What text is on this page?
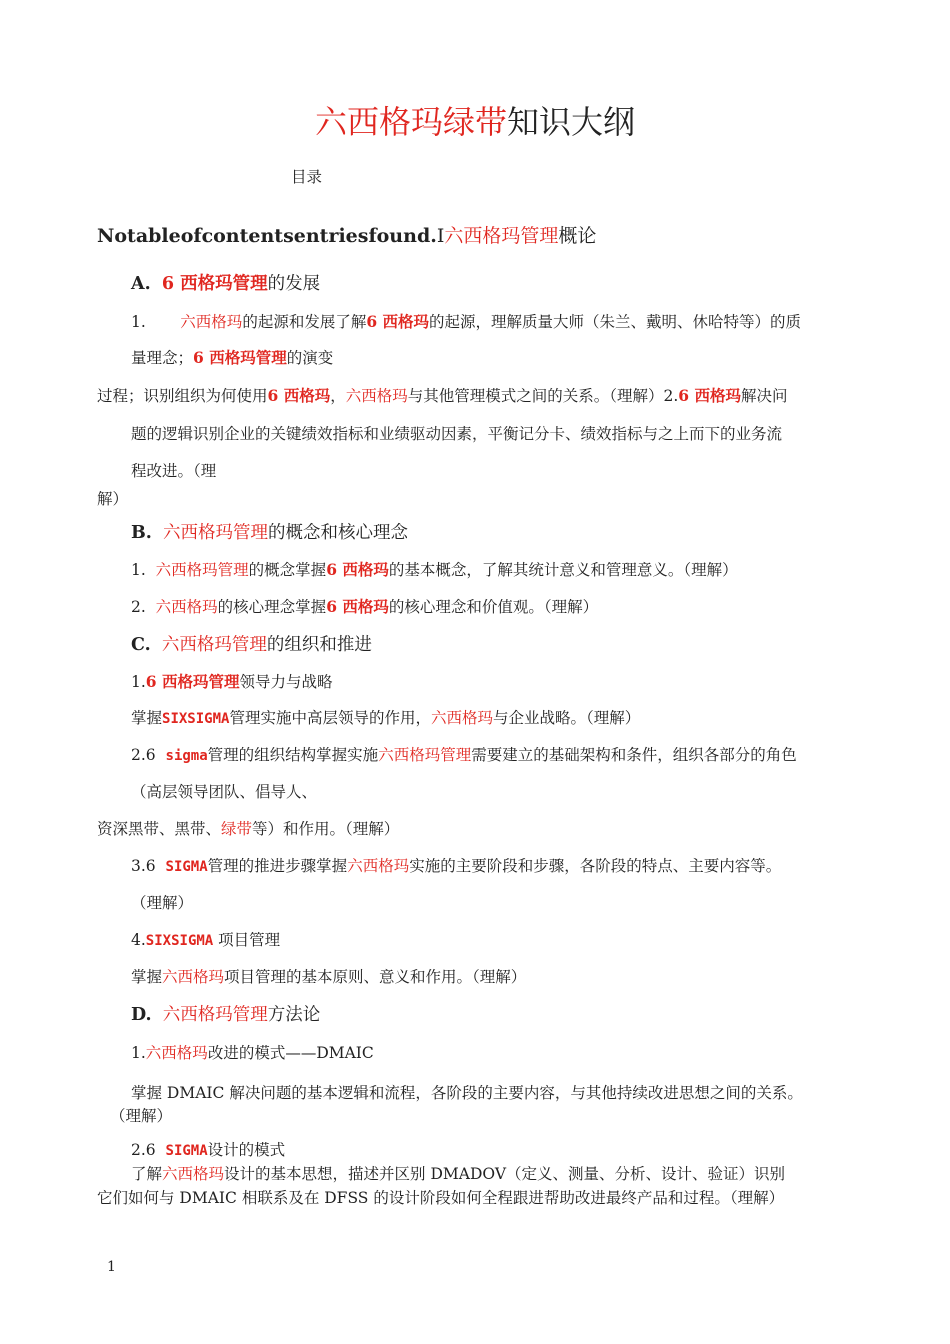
六西格玛绿带知识大纲
目录
Notableofcontentsentriesfound.Ⅰ六西格玛管理概论
A. 6 西格玛管理的发展
1. 六西格玛的起源和发展了解6 西格玛的起源，理解质量大师（朱兰、戴明、休哈特等）的质
量理念；6 西格玛管理的演变
过程；识别组织为何使用6 西格玛，六西格玛与其他管理模式之间的关系。（理解）2.6 西格玛解决问
题的逻辑识别企业的关键绩效指标和业绩驱动因素，平衡记分卡、绩效指标与之上而下的业务流
程改进。（理
解）
B. 六西格玛管理的概念和核心理念
1. 六西格玛管理的概念掌握6 西格玛的基本概念，了解其统计意义和管理意义。（理解）
2. 六西格玛的核心理念掌握6 西格玛的核心理念和价值观。（理解）
C. 六西格玛管理的组织和推进
1.6 西格玛管理领导力与战略
掌握SIXSIGMA管理实施中高层领导的作用，六西格玛与企业战略。（理解）
2.6  sigma管理的组织结构掌握实施六西格玛管理需要建立的基础架构和条件，组织各部分的角色
（高层领导团队、倡导人、
资深黑带、黑带、绿带等）和作用。（理解）
3.6  SIGMA管理的推进步骤掌握六西格玛实施的主要阶段和步骤，各阶段的特点、主要内容等。
（理解）
4.SIXSIGMA 项目管理
掌握六西格玛项目管理的基本原则、意义和作用。（理解）
D. 六西格玛管理方法论
1.六西格玛改进的模式——DMAIC
掌握 DMAIC 解决问题的基本逻辑和流程，各阶段的主要内容，与其他持续改进思想之间的关系。
（理解）
2.6  SIGMA设计的模式
了解六西格玛设计的基本思想，描述并区别 DMADOV（定义、测量、分析、设计、验证）识别
它们如何与 DMAIC 相联系及在 DFSS 的设计阶段如何全程跟进帮助改进最终产品和过程。（理解）
1
